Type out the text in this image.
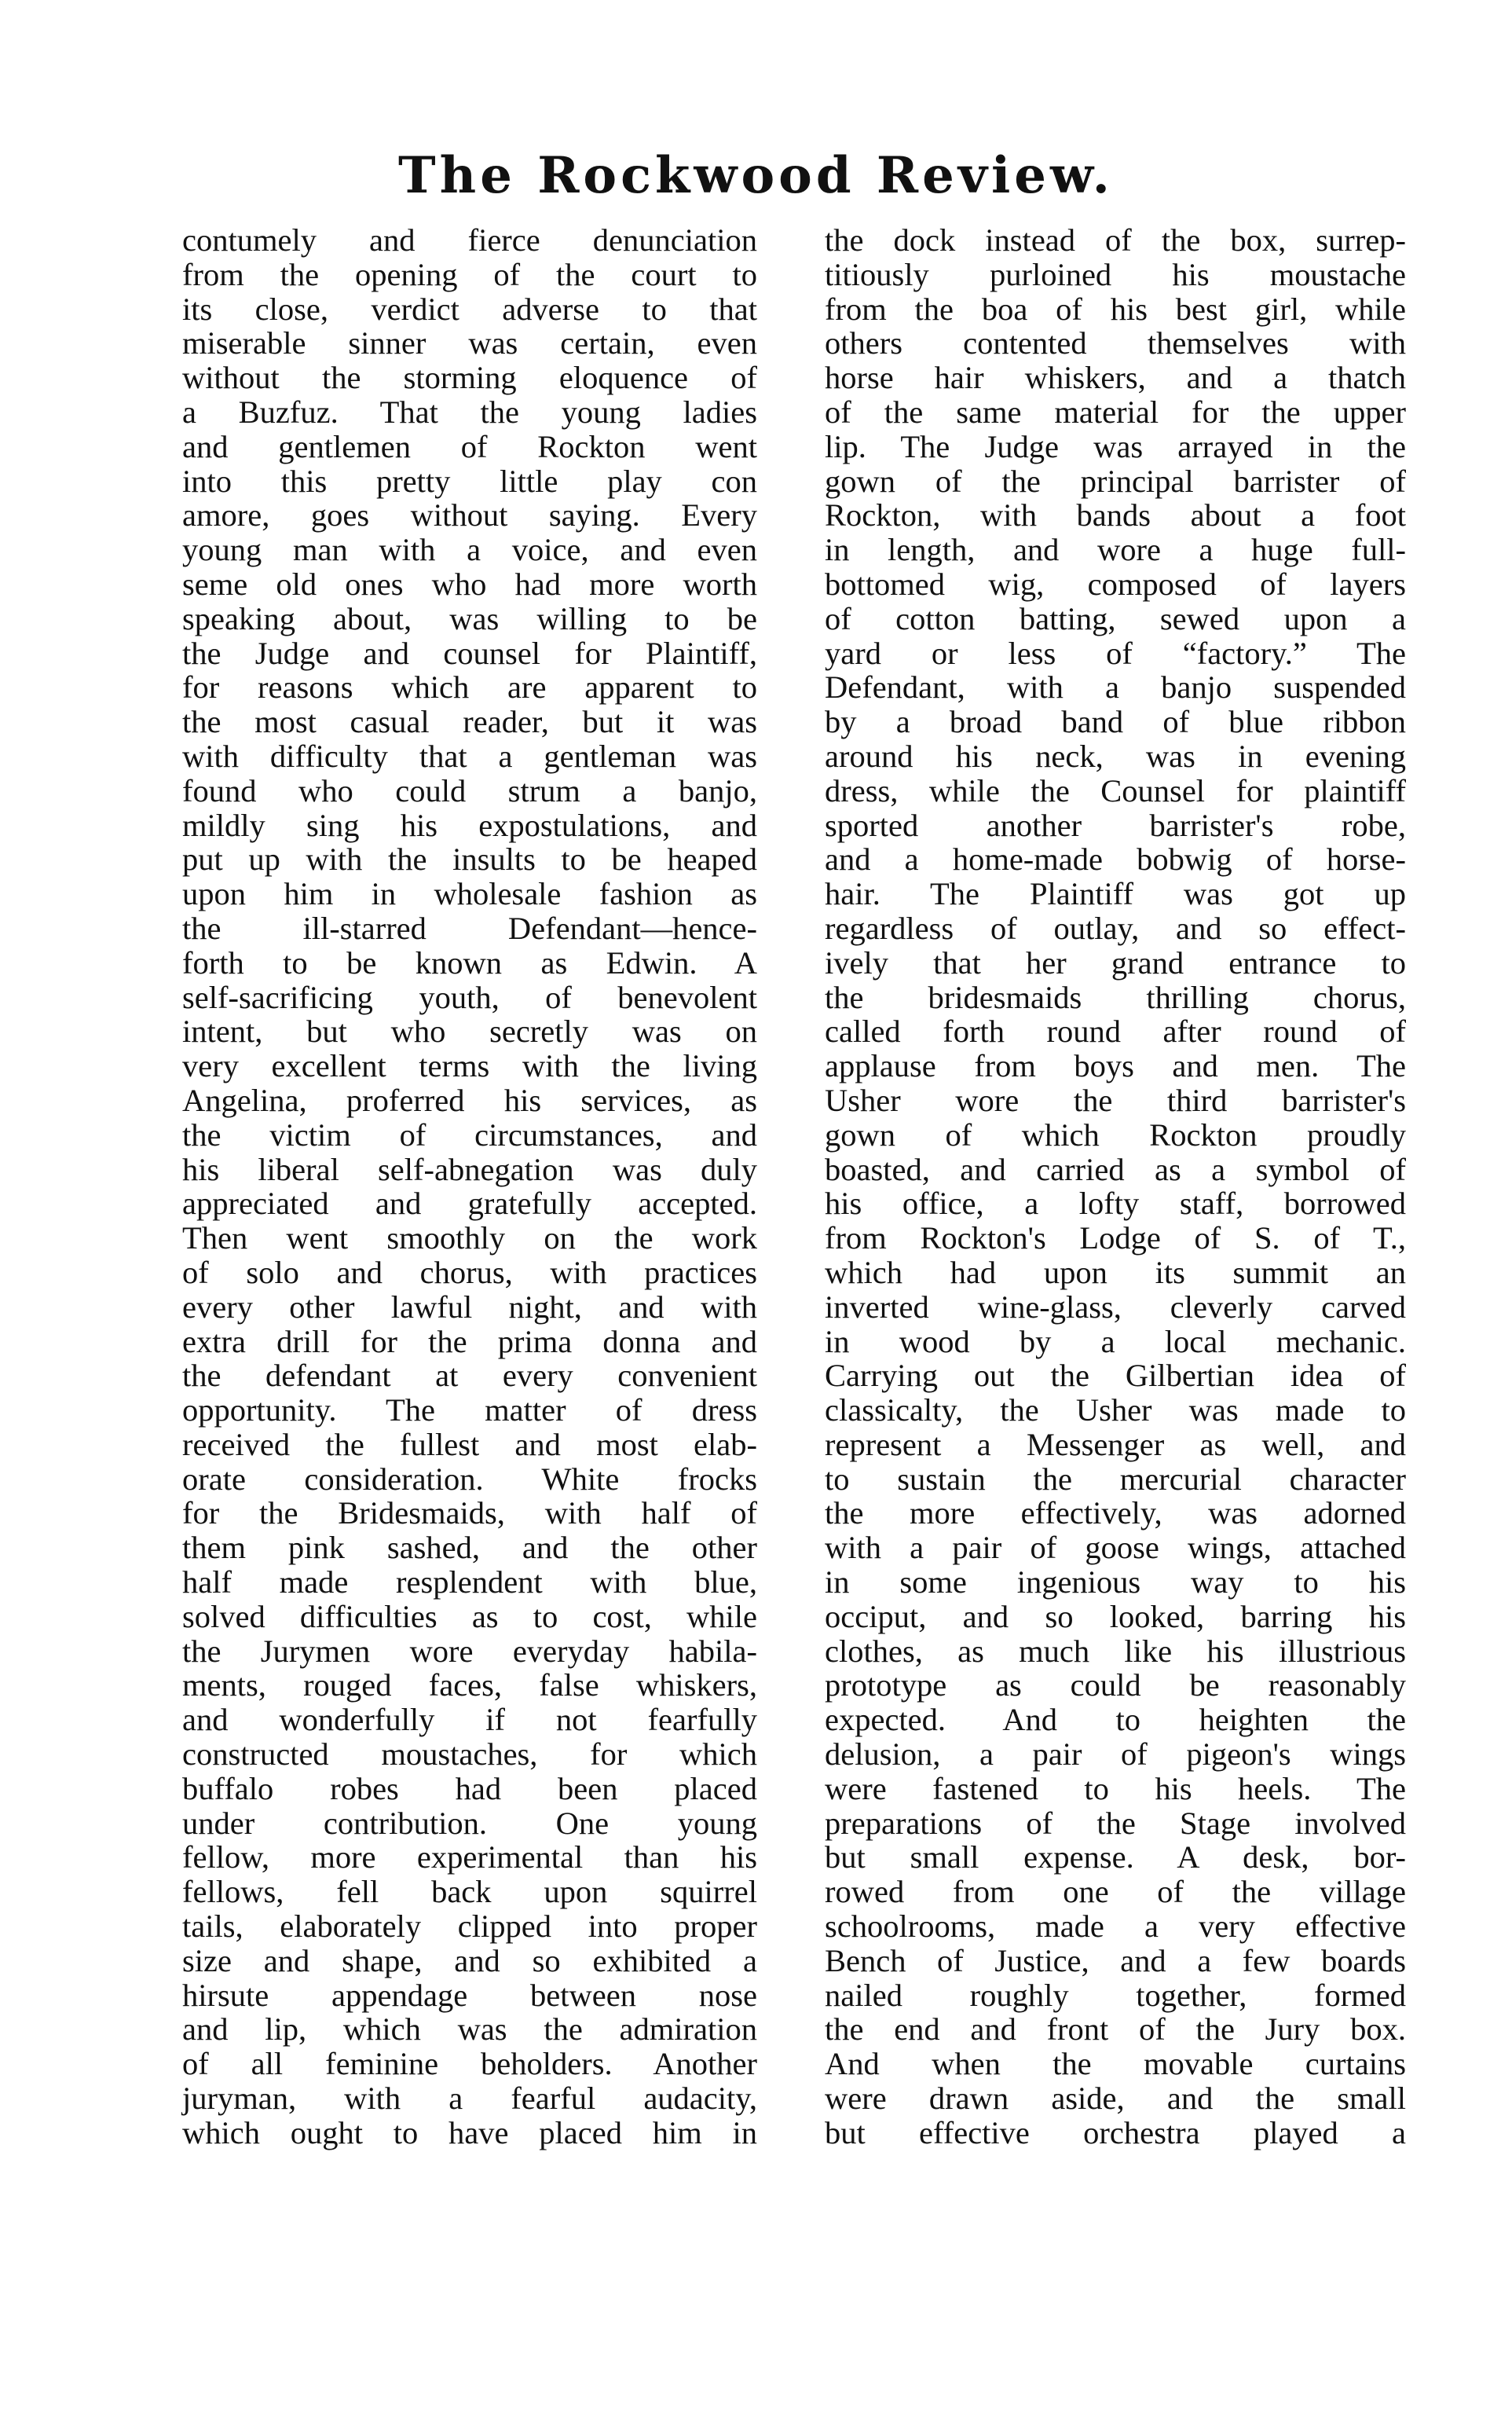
The Rockwood Review.
contumely and fierce denunciation
from the opening of the court to
its close, verdict adverse to that
miserable sinner was certain, even
without the storming eloquence of
a Buzfuz. That the young ladies
and gentlemen of Rockton went
into this pretty little play con
amore, goes without saying. Every
young man with a voice, and even
seme old ones who had more worth
speaking about, was willing to be
the Judge and counsel for Plaintiff,
for reasons which are apparent to
the most casual reader, but it was
with difficulty that a gentleman was
found who could strum a banjo,
mildly sing his expostulations, and
put up with the insults to be heaped
upon him in wholesale fashion as
the ill-starred Defendant—hence-
forth to be known as Edwin. A
self-sacrificing youth, of benevolent
intent, but who secretly was on
very excellent terms with the living
Angelina, proferred his services, as
the victim of circumstances, and
his liberal self-abnegation was duly
appreciated and gratefully accepted.
Then went smoothly on the work
of solo and chorus, with practices
every other lawful night, and with
extra drill for the prima donna and
the defendant at every convenient
opportunity. The matter of dress
received the fullest and most elab-
orate consideration. White frocks
for the Bridesmaids, with half of
them pink sashed, and the other
half made resplendent with blue,
solved difficulties as to cost, while
the Jurymen wore everyday habila-
ments, rouged faces, false whiskers,
and wonderfully if not fearfully
constructed moustaches, for which
buffalo robes had been placed
under contribution. One young
fellow, more experimental than his
fellows, fell back upon squirrel
tails, elaborately clipped into proper
size and shape, and so exhibited a
hirsute appendage between nose
and lip, which was the admiration
of all feminine beholders. Another
juryman, with a fearful audacity,
which ought to have placed him in
the dock instead of the box, surrep-
titiously purloined his moustache
from the boa of his best girl, while
others contented themselves with
horse hair whiskers, and a thatch
of the same material for the upper
lip. The Judge was arrayed in the
gown of the principal barrister of
Rockton, with bands about a foot
in length, and wore a huge full-
bottomed wig, composed of layers
of cotton batting, sewed upon a
yard or less of “factory.” The
Defendant, with a banjo suspended
by a broad band of blue ribbon
around his neck, was in evening
dress, while the Counsel for plaintiff
sported another barrister's robe,
and a home-made bobwig of horse-
hair. The Plaintiff was got up
regardless of outlay, and so effect-
ively that her grand entrance to
the bridesmaids thrilling chorus,
called forth round after round of
applause from boys and men. The
Usher wore the third barrister's
gown of which Rockton proudly
boasted, and carried as a symbol of
his office, a lofty staff, borrowed
from Rockton's Lodge of S. of T.,
which had upon its summit an
inverted wine-glass, cleverly carved
in wood by a local mechanic.
Carrying out the Gilbertian idea of
classicalty, the Usher was made to
represent a Messenger as well, and
to sustain the mercurial character
the more effectively, was adorned
with a pair of goose wings, attached
in some ingenious way to his
occiput, and so looked, barring his
clothes, as much like his illustrious
prototype as could be reasonably
expected. And to heighten the
delusion, a pair of pigeon's wings
were fastened to his heels. The
preparations of the Stage involved
but small expense. A desk, bor-
rowed from one of the village
schoolrooms, made a very effective
Bench of Justice, and a few boards
nailed roughly together, formed
the end and front of the Jury box.
And when the movable curtains
were drawn aside, and the small
but effective orchestra played a
